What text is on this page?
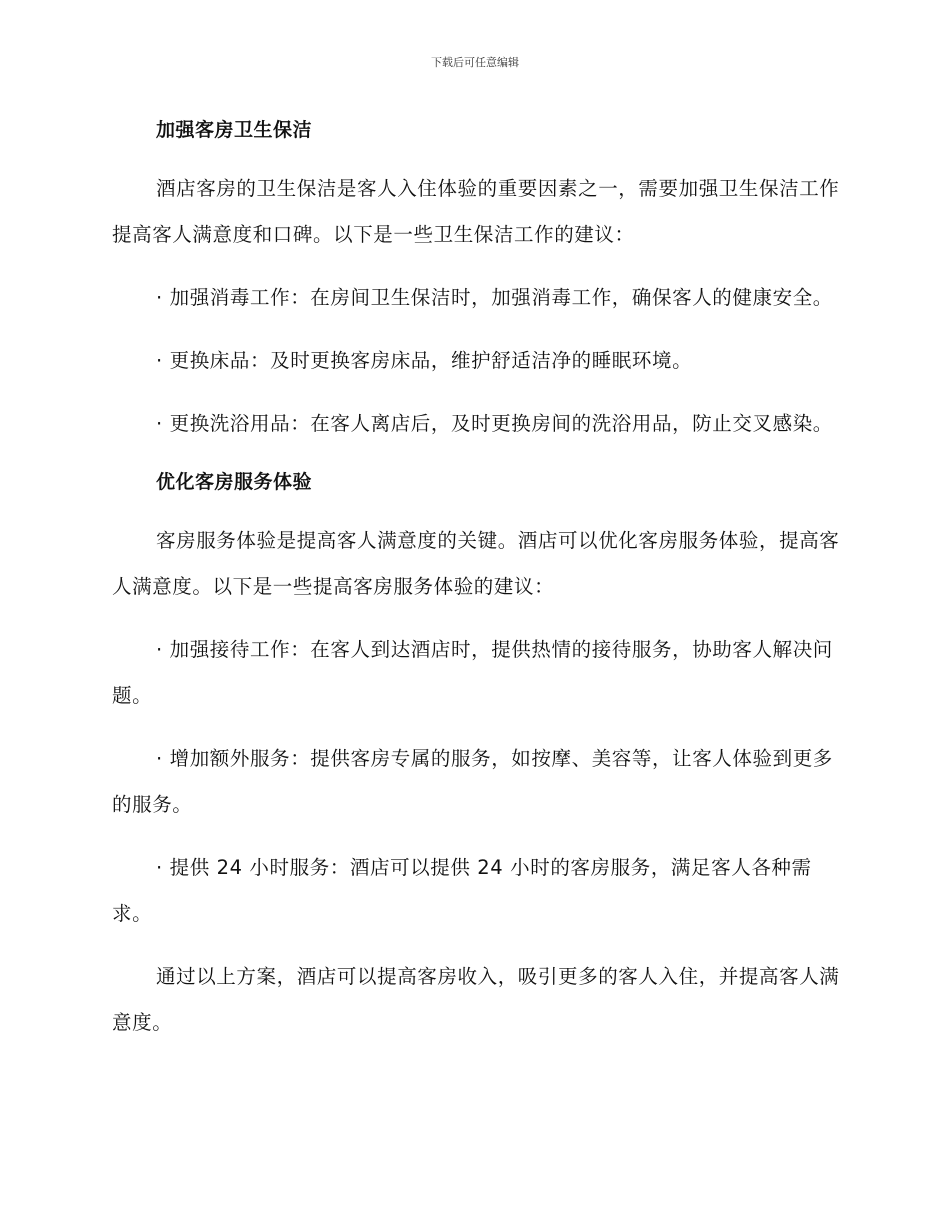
下载后可任意编辑

加强客房卫生保洁

酒店客房的卫生保洁是客人入住体验的重要因素之一，需要加强卫生保洁工作提高客人满意度和口碑。以下是一些卫生保洁工作的建议：

· 加强消毒工作：在房间卫生保洁时，加强消毒工作，确保客人的健康安全。

· 更换床品：及时更换客房床品，维护舒适洁净的睡眠环境。

· 更换洗浴用品：在客人离店后，及时更换房间的洗浴用品，防止交叉感染。

优化客房服务体验

客房服务体验是提高客人满意度的关键。酒店可以优化客房服务体验，提高客人满意度。以下是一些提高客房服务体验的建议：

· 加强接待工作：在客人到达酒店时，提供热情的接待服务，协助客人解决问题。

· 增加额外服务：提供客房专属的服务，如按摩、美容等，让客人体验到更多的服务。

· 提供 24 小时服务：酒店可以提供 24 小时的客房服务，满足客人各种需求。

通过以上方案，酒店可以提高客房收入，吸引更多的客人入住，并提高客人满意度。
